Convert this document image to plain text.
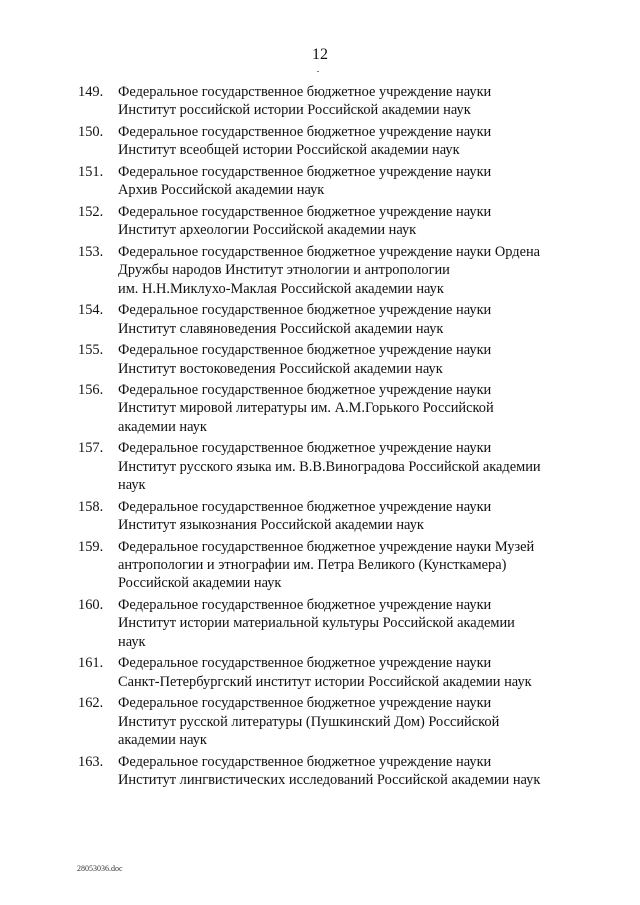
12
149.	Федеральное государственное бюджетное учреждение науки
Институт российской истории Российской академии наук
150.	Федеральное государственное бюджетное учреждение науки
Институт всеобщей истории Российской академии наук
151.	Федеральное государственное бюджетное учреждение науки
Архив Российской академии наук
152.	Федеральное государственное бюджетное учреждение науки
Институт археологии Российской академии наук
153.	Федеральное государственное бюджетное учреждение науки Ордена
Дружбы народов Институт этнологии и антропологии
им. Н.Н.Миклухо-Маклая Российской академии наук
154.	Федеральное государственное бюджетное учреждение науки
Институт славяноведения Российской академии наук
155.	Федеральное государственное бюджетное учреждение науки
Институт востоковедения Российской академии наук
156.	Федеральное государственное бюджетное учреждение науки
Институт мировой литературы им. А.М.Горького Российской
академии наук
157.	Федеральное государственное бюджетное учреждение науки
Институт русского языка им. В.В.Виноградова Российской академии
наук
158.	Федеральное государственное бюджетное учреждение науки
Институт языкознания Российской академии наук
159.	Федеральное государственное бюджетное учреждение науки Музей
антропологии и этнографии им. Петра Великого (Кунсткамера)
Российской академии наук
160.	Федеральное государственное бюджетное учреждение науки
Институт истории материальной культуры Российской академии
наук
161.	Федеральное государственное бюджетное учреждение науки
Санкт-Петербургский институт истории Российской академии наук
162.	Федеральное государственное бюджетное учреждение науки
Институт русской литературы (Пушкинский Дом) Российской
академии наук
163.	Федеральное государственное бюджетное учреждение науки
Институт лингвистических исследований Российской академии наук
28053036.doc
